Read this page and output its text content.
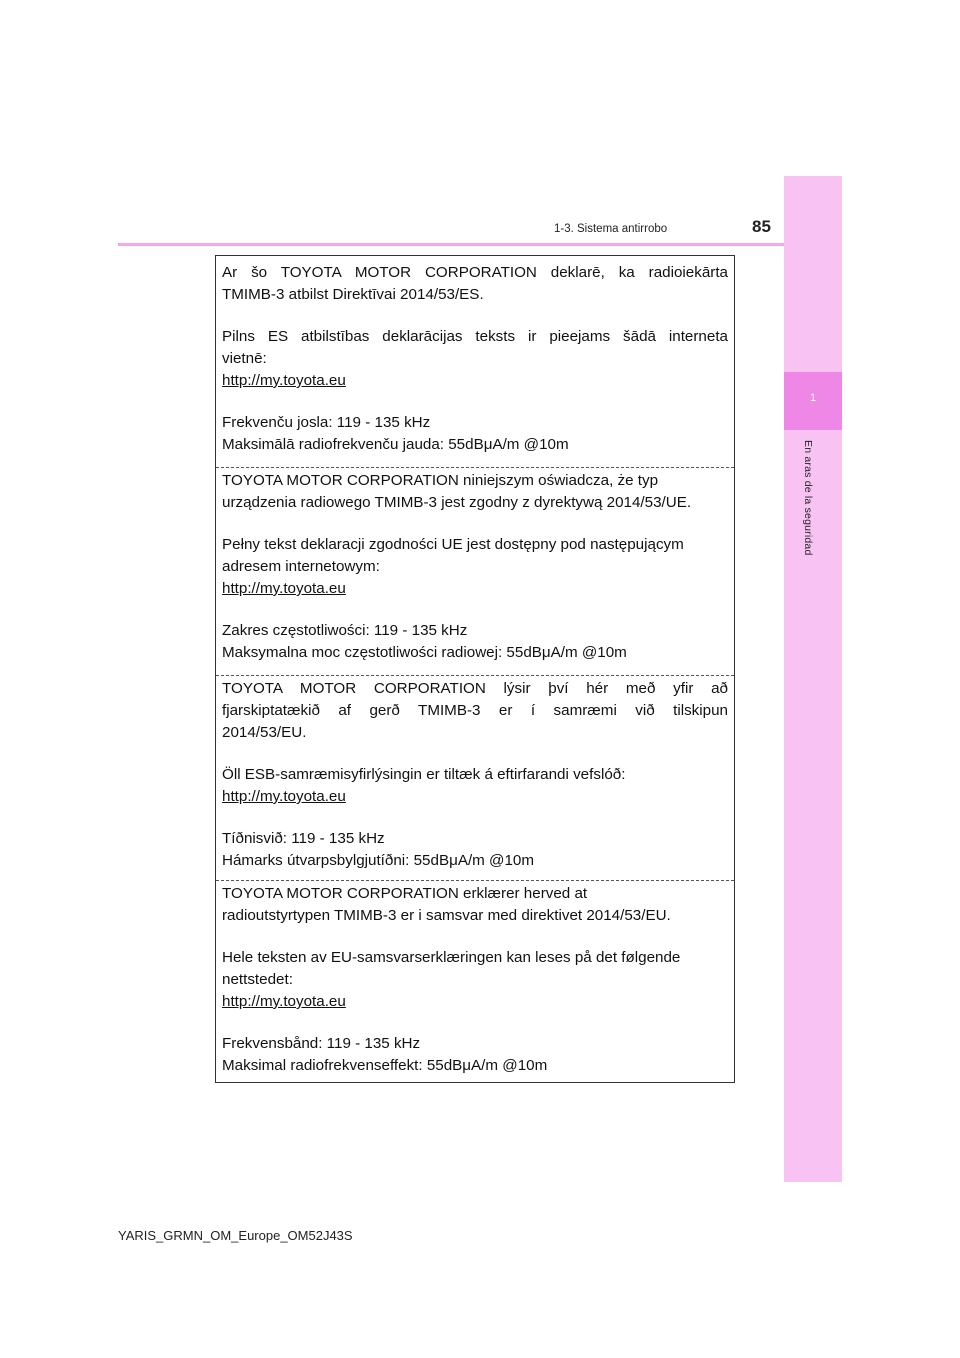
1
En aras de la seguridad
1-3. Sistema antirrobo	85

Ar šo TOYOTA MOTOR CORPORATION deklarē, ka radioiekārta

TMIMB-3 atbilst Direktīvai 2014/53/ES.

Pilns ES atbilstības deklarācijas teksts ir pieejams šādā interneta

vietnē:

http://my.toyota.eu

Frekvenču josla: 119 - 135 kHz

Maksimālā radiofrekvenču jauda: 55dBμA/m @10m

TOYOTA MOTOR CORPORATION niniejszym oświadcza, że typ

urządzenia radiowego TMIMB-3 jest zgodny z dyrektywą 2014/53/UE.

Pełny tekst deklaracji zgodności UE jest dostępny pod następującym

adresem internetowym:

http://my.toyota.eu

Zakres częstotliwości: 119 - 135 kHz

Maksymalna moc częstotliwości radiowej: 55dBμA/m @10m

TOYOTA MOTOR CORPORATION lýsir því hér með yfir að

fjarskiptatækið af gerð TMIMB-3 er í samræmi við tilskipun

2014/53/EU.

Öll ESB-samræmisyfirlýsingin er tiltæk á eftirfarandi vefslóð:

http://my.toyota.eu

Tíðnisvið: 119 - 135 kHz

Hámarks útvarpsbylgjutíðni: 55dBμA/m @10m

TOYOTA MOTOR CORPORATION erklærer herved at

radioutstyrtypen TMIMB-3 er i samsvar med direktivet 2014/53/EU.

Hele teksten av EU-samsvarserklæringen kan leses på det følgende

nettstedet:

http://my.toyota.eu

Frekvensbånd: 119 - 135 kHz

Maksimal radiofrekvenseffekt: 55dBμA/m @10m

YARIS_GRMN_OM_Europe_OM52J43S
